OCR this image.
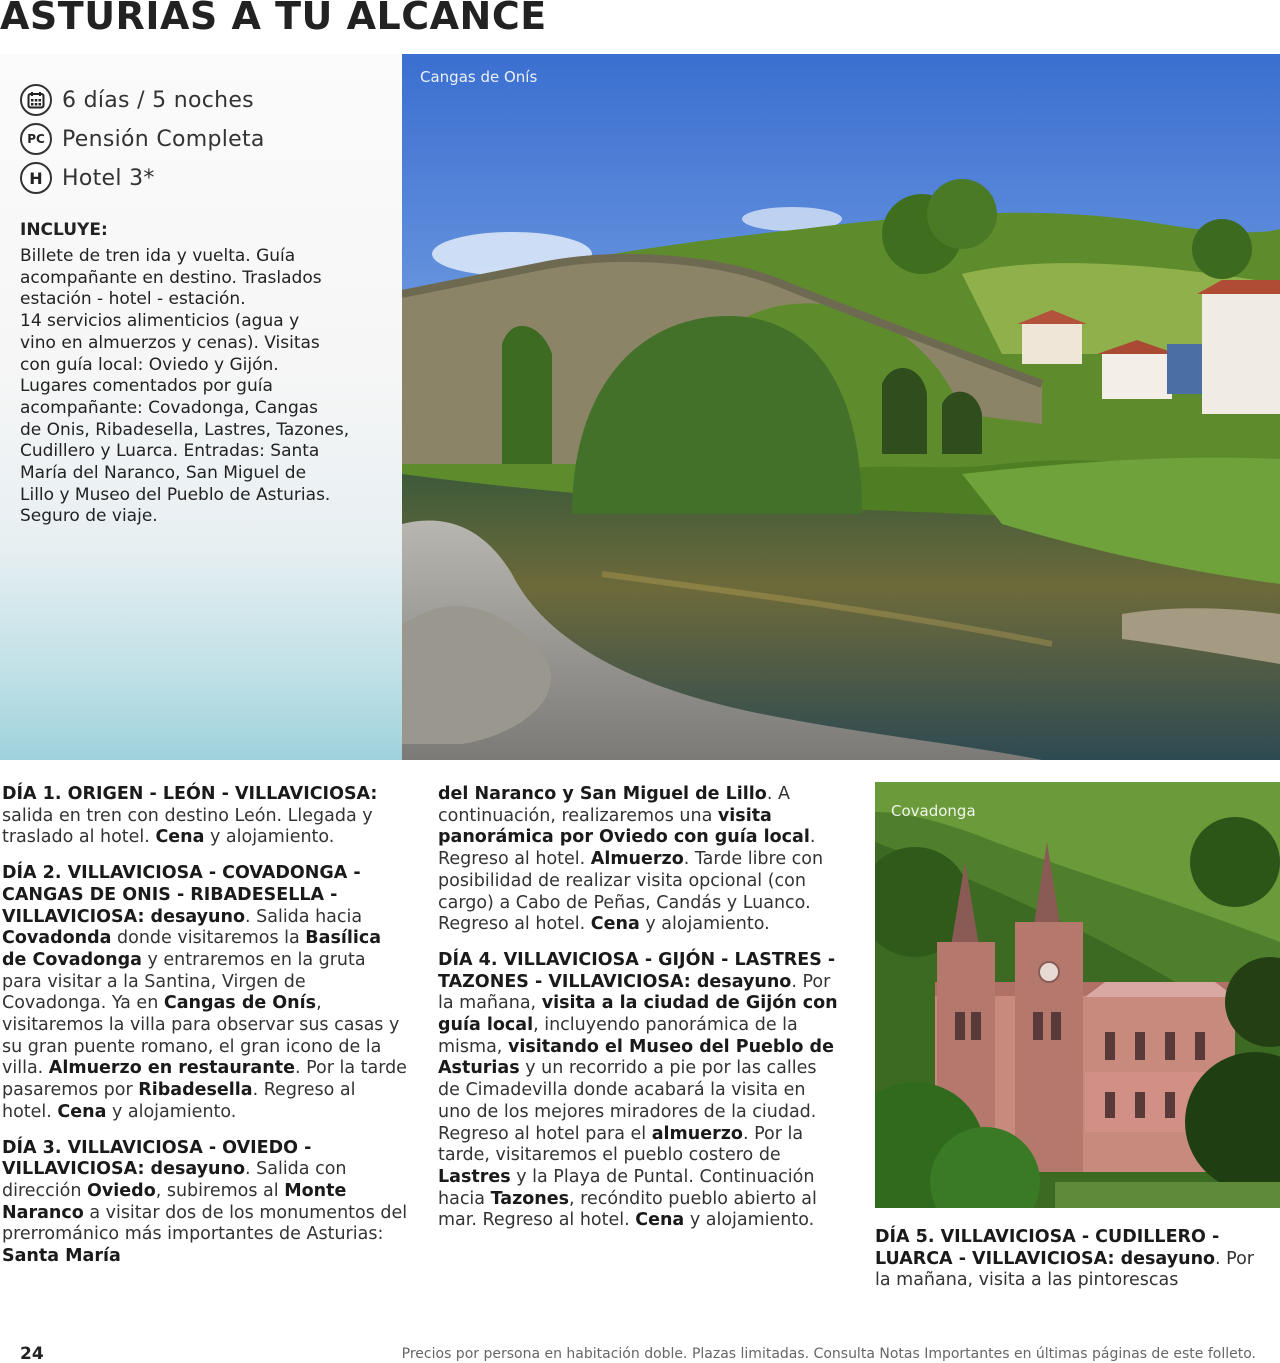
ASTURIAS A TU ALCANCE
6 días / 5 noches
PC Pensión Completa
H Hotel 3*
INCLUYE:
Billete de tren ida y vuelta. Guía
acompañante en destino. Traslados
estación - hotel - estación.
14 servicios alimenticios (agua y
vino en almuerzos y cenas). Visitas
con guía local: Oviedo y Gijón.
Lugares comentados por guía
acompañante: Covadonga, Cangas
de Onis, Ribadesella, Lastres, Tazones,
Cudillero y Luarca. Entradas: Santa
María del Naranco, San Miguel de
Lillo y Museo del Pueblo de Asturias.
Seguro de viaje.
Cangas de Onís

DÍA 1. ORIGEN - LEÓN - VILLAVICIOSA: salida en tren con destino León. Llegada y traslado al hotel. Cena y alojamiento.

DÍA 2. VILLAVICIOSA - COVADONGA - CANGAS DE ONIS - RIBADESELLA - VILLAVICIOSA: desayuno. Salida hacia Covadonda donde visitaremos la Basílica de Covadonga y entraremos en la gruta para visitar a la Santina, Virgen de Covadonga. Ya en Cangas de Onís, visitaremos la villa para observar sus casas y su gran puente romano, el gran icono de la villa. Almuerzo en restaurante. Por la tarde pasaremos por Ribadesella. Regreso al hotel. Cena y alojamiento.

DÍA 3. VILLAVICIOSA - OVIEDO - VILLAVICIOSA: desayuno. Salida con dirección Oviedo, subiremos al Monte Naranco a visitar dos de los monumentos del prerrománico más importantes de Asturias: Santa María

del Naranco y San Miguel de Lillo. A continuación, realizaremos una visita panorámica por Oviedo con guía local. Regreso al hotel. Almuerzo. Tarde libre con posibilidad de realizar visita opcional (con cargo) a Cabo de Peñas, Candás y Luanco. Regreso al hotel. Cena y alojamiento.

DÍA 4. VILLAVICIOSA - GIJÓN - LASTRES - TAZONES - VILLAVICIOSA: desayuno. Por la mañana, visita a la ciudad de Gijón con guía local, incluyendo panorámica de la misma, visitando el Museo del Pueblo de Asturias y un recorrido a pie por las calles de Cimadevilla donde acabará la visita en uno de los mejores miradores de la ciudad. Regreso al hotel para el almuerzo. Por la tarde, visitaremos el pueblo costero de Lastres y la Playa de Puntal. Continuación hacia Tazones, recóndito pueblo abierto al mar. Regreso al hotel. Cena y alojamiento.

Covadonga

DÍA 5. VILLAVICIOSA - CUDILLERO - LUARCA - VILLAVICIOSA: desayuno. Por la mañana, visita a las pintorescas

24	Precios por persona en habitación doble. Plazas limitadas. Consulta Notas Importantes en últimas páginas de este folleto.
